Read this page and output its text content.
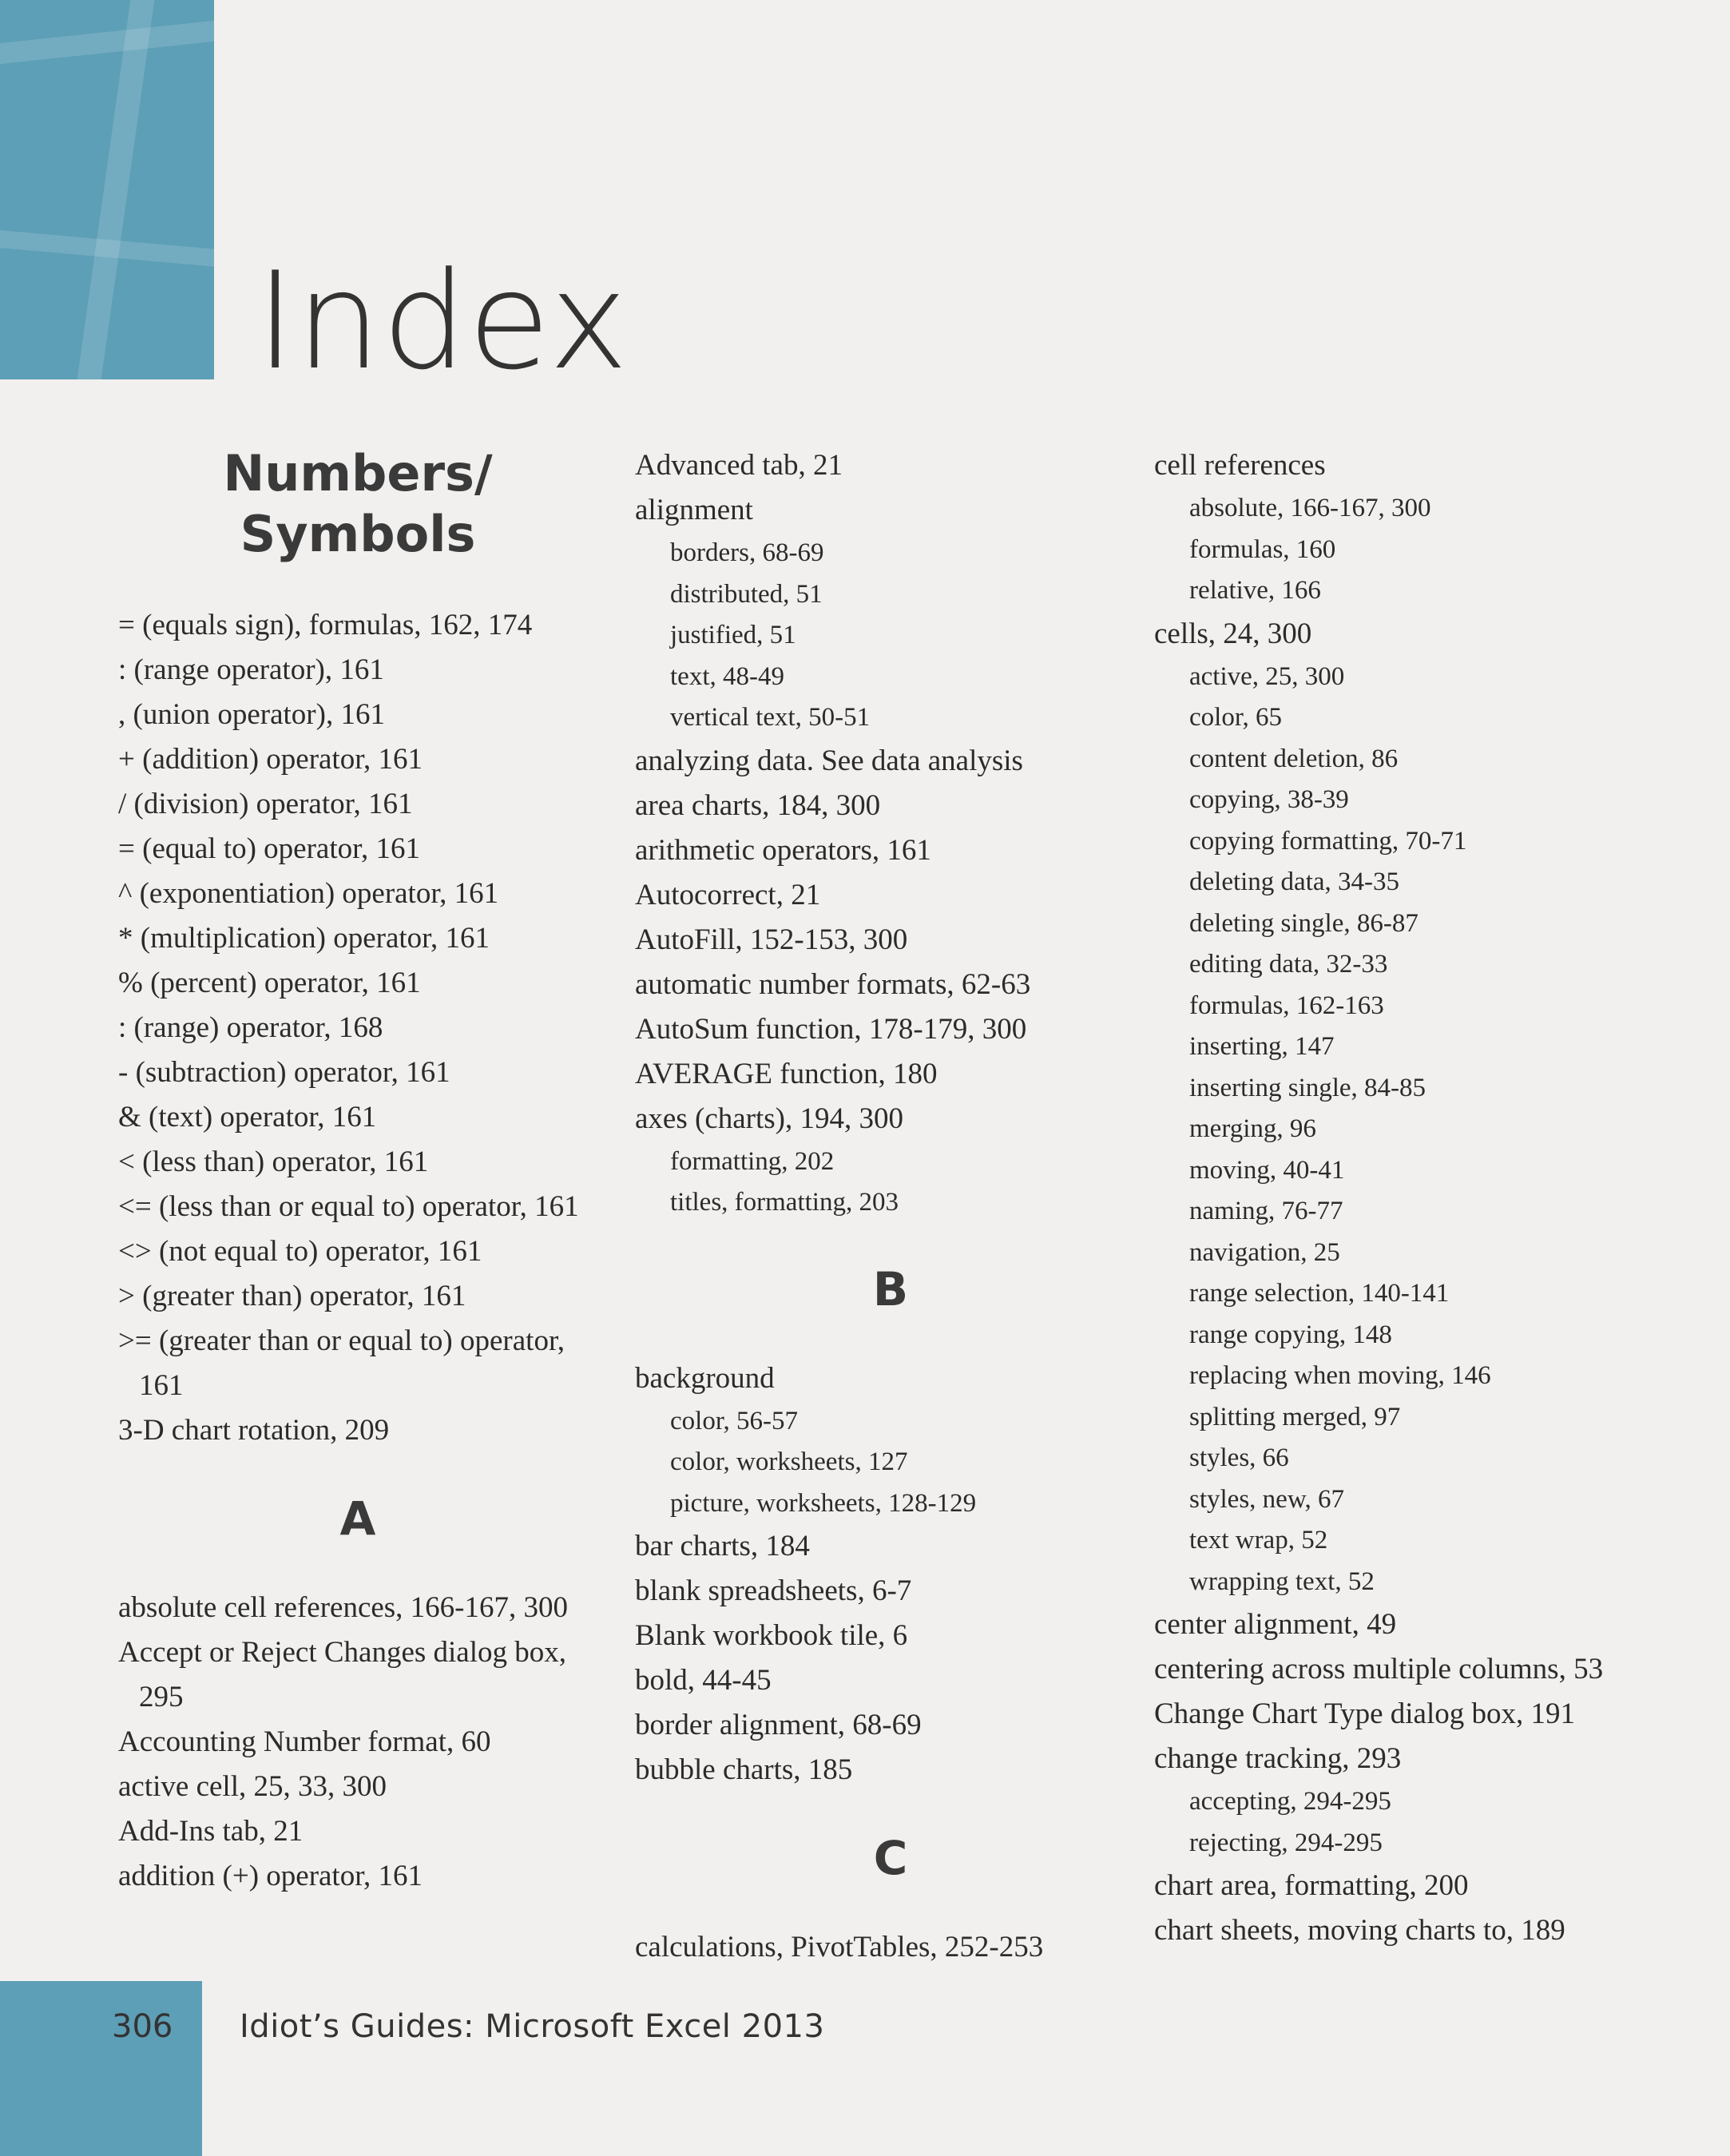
Index
Numbers/
Symbols
= (equals sign), formulas, 162, 174
: (range operator), 161
, (union operator), 161
+ (addition) operator, 161
/ (division) operator, 161
= (equal to) operator, 161
^ (exponentiation) operator, 161
* (multiplication) operator, 161
% (percent) operator, 161
: (range) operator, 168
- (subtraction) operator, 161
& (text) operator, 161
< (less than) operator, 161
<= (less than or equal to) operator, 161
<> (not equal to) operator, 161
> (greater than) operator, 161
>= (greater than or equal to) operator, 161
3-D chart rotation, 209
A
absolute cell references, 166-167, 300
Accept or Reject Changes dialog box, 295
Accounting Number format, 60
active cell, 25, 33, 300
Add-Ins tab, 21
addition (+) operator, 161
Advanced tab, 21
alignment
borders, 68-69
distributed, 51
justified, 51
text, 48-49
vertical text, 50-51
analyzing data. See data analysis
area charts, 184, 300
arithmetic operators, 161
Autocorrect, 21
AutoFill, 152-153, 300
automatic number formats, 62-63
AutoSum function, 178-179, 300
AVERAGE function, 180
axes (charts), 194, 300
formatting, 202
titles, formatting, 203
B
background
color, 56-57
color, worksheets, 127
picture, worksheets, 128-129
bar charts, 184
blank spreadsheets, 6-7
Blank workbook tile, 6
bold, 44-45
border alignment, 68-69
bubble charts, 185
C
calculations, PivotTables, 252-253
cell references
absolute, 166-167, 300
formulas, 160
relative, 166
cells, 24, 300
active, 25, 300
color, 65
content deletion, 86
copying, 38-39
copying formatting, 70-71
deleting data, 34-35
deleting single, 86-87
editing data, 32-33
formulas, 162-163
inserting, 147
inserting single, 84-85
merging, 96
moving, 40-41
naming, 76-77
navigation, 25
range selection, 140-141
range copying, 148
replacing when moving, 146
splitting merged, 97
styles, 66
styles, new, 67
text wrap, 52
wrapping text, 52
center alignment, 49
centering across multiple columns, 53
Change Chart Type dialog box, 191
change tracking, 293
accepting, 294-295
rejecting, 294-295
chart area, formatting, 200
chart sheets, moving charts to, 189
306 Idiot’s Guides: Microsoft Excel 2013
